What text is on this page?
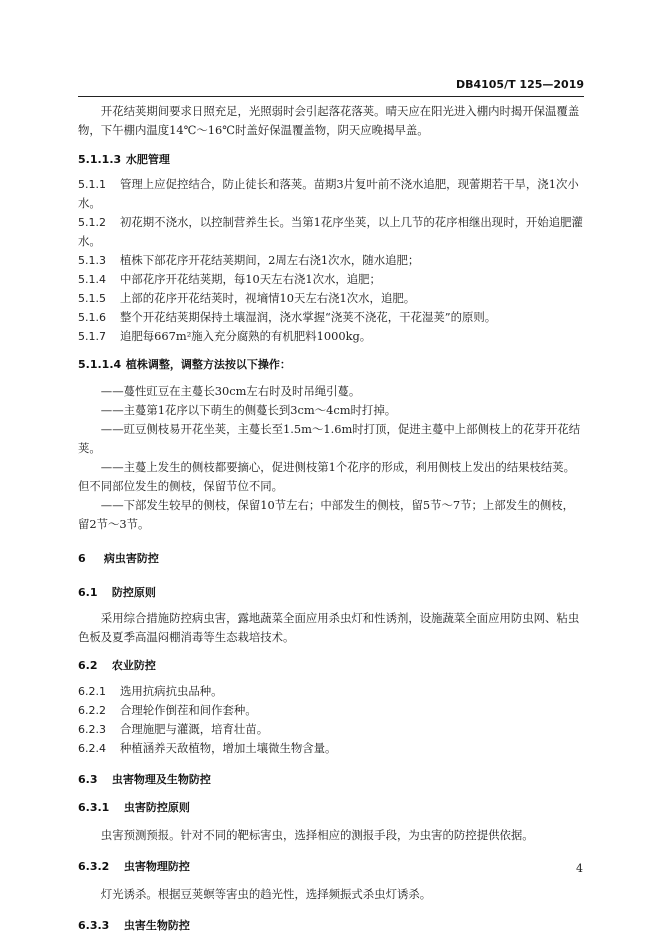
DB4105/T 125—2019

开花结荚期间要求日照充足，光照弱时会引起落花落荚。晴天应在阳光进入棚内时揭开保温覆盖物，下午棚内温度14℃～16℃时盖好保温覆盖物，阴天应晚揭早盖。

5.1.1.3 水肥管理

5.1.1 管理上应促控结合，防止徒长和落荚。苗期3片复叶前不浇水追肥，现蕾期若干旱，浇1次小水。

5.1.2 初花期不浇水，以控制营养生长。当第1花序坐荚，以上几节的花序相继出现时，开始追肥灌水。

5.1.3 植株下部花序开花结荚期间，2周左右浇1次水，随水追肥；

5.1.4 中部花序开花结荚期，每10天左右浇1次水，追肥；

5.1.5 上部的花序开花结荚时，视墒情10天左右浇1次水，追肥。

5.1.6 整个开花结荚期保持土壤湿润，浇水掌握“浇荚不浇花，干花湿荚”的原则。

5.1.7 追肥每667m²施入充分腐熟的有机肥料1000kg。

5.1.1.4 植株调整，调整方法按以下操作：

——蔓性豇豆在主蔓长30cm左右时及时吊绳引蔓。

——主蔓第1花序以下萌生的侧蔓长到3cm～4cm时打掉。

——豇豆侧枝易开花坐荚，主蔓长至1.5m～1.6m时打顶，促进主蔓中上部侧枝上的花芽开花结荚。

——主蔓上发生的侧枝都要摘心，促进侧枝第1个花序的形成，利用侧枝上发出的结果枝结荚。但不同部位发生的侧枝，保留节位不同。

——下部发生较早的侧枝，保留10节左右；中部发生的侧枝，留5节～7节；上部发生的侧枝，留2节～3节。

6 病虫害防控
6.1 防控原则

采用综合措施防控病虫害，露地蔬菜全面应用杀虫灯和性诱剂，设施蔬菜全面应用防虫网、粘虫色板及夏季高温闷棚消毒等生态栽培技术。

6.2 农业防控

6.2.1 选用抗病抗虫品种。

6.2.2 合理轮作倒茬和间作套种。

6.2.3 合理施肥与灌溉，培育壮苗。

6.2.4 种植涵养天敌植物，增加土壤微生物含量。

6.3 虫害物理及生物防控
6.3.1 虫害防控原则

虫害预测预报。针对不同的靶标害虫，选择相应的测报手段，为虫害的防控提供依据。

6.3.2 虫害物理防控

灯光诱杀。根据豆荚螟等害虫的趋光性，选择频振式杀虫灯诱杀。

6.3.3 虫害生物防控
4
